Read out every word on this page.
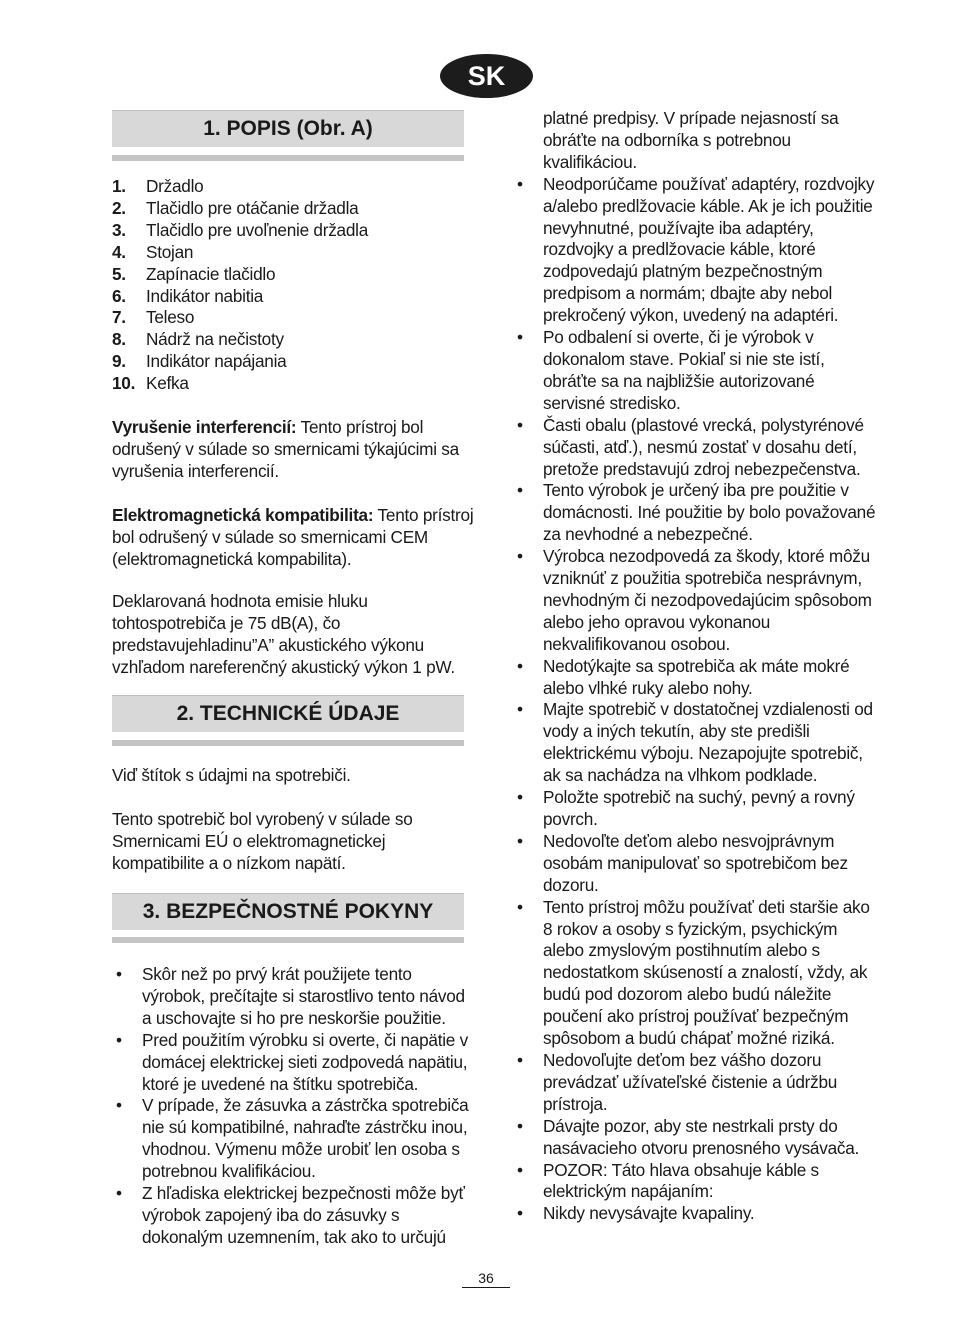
SK
1. POPIS (Obr. A)
1.	Držadlo
2.	Tlačidlo pre otáčanie držadla
3.	Tlačidlo pre uvoľnenie držadla
4.	Stojan
5.	Zapínacie tlačidlo
6.	Indikátor nabitia
7.	Teleso
8.	Nádrž na nečistoty
9.	Indikátor napájania
10. Kefka

Vyrušenie interferencií: Tento prístroj bol odrušený v súlade so smernicami týkajúcimi sa vyrušenia interferencií.

Elektromagnetická kompatibilita: Tento prístroj bol odrušený v súlade so smernicami CEM (elektromagnetická kompabilita).

Deklarovaná hodnota emisie hluku tohtospotrebiča je 75 dB(A), čo predstavujehladinu”A” akustického výkonu vzhľadom nareferenčný akustický výkon 1 pW.

2. TECHNICKÉ ÚDAJE

Viď štítok s údajmi na spotrebiči.

Tento spotrebič bol vyrobený v súlade so Smernicami EÚ o elektromagnetickej kompatibilite a o nízkom napätí.

3. BEZPEČNOSTNÉ POKYNY
• Skôr než po prvý krát použijete tento výrobok, prečítajte si starostlivo tento návod a uschovajte si ho pre neskoršie použitie.
• Pred použitím výrobku si overte, či napätie v domácej elektrickej sieti zodpovedá napätiu, ktoré je uvedené na štítku spotrebiča.
• V prípade, že zásuvka a zástrčka spotrebiča nie sú kompatibilné, nahraďte zástrčku inou, vhodnou. Výmenu môže urobiť len osoba s potrebnou kvalifikáciou.
• Z hľadiska elektrickej bezpečnosti môže byť výrobok zapojený iba do zásuvky s dokonalým uzemnením, tak ako to určujú

platné predpisy. V prípade nejasností sa obráťte na odborníka s potrebnou kvalifikáciou.

• Neodporúčame používať adaptéry, rozdvojky a/alebo predlžovacie káble. Ak je ich použitie nevyhnutné, používajte iba adaptéry, rozdvojky a predlžovacie káble, ktoré zodpovedajú platným bezpečnostným predpisom a normám; dbajte aby nebol prekročený výkon, uvedený na adaptéri.
• Po odbalení si overte, či je výrobok v dokonalom stave. Pokiaľ si nie ste istí, obráťte sa na najbližšie autorizované servisné stredisko.
• Časti obalu (plastové vrecká, polystyrénové súčasti, atď.), nesmú zostať v dosahu detí, pretože predstavujú zdroj nebezpečenstva.
• Tento výrobok je určený iba pre použitie v domácnosti. Iné použitie by bolo považované za nevhodné a nebezpečné.
• Výrobca nezodpovedá za škody, ktoré môžu vzniknúť z použitia spotrebiča nesprávnym, nevhodným či nezodpovedajúcim spôsobom alebo jeho opravou vykonanou nekvalifikovanou osobou.
• Nedotýkajte sa spotrebiča ak máte mokré alebo vlhké ruky alebo nohy.
• Majte spotrebič v dostatočnej vzdialenosti od vody a iných tekutín, aby ste predišli elektrickému výboju. Nezapojujte spotrebič, ak sa nachádza na vlhkom podklade.
• Položte spotrebič na suchý, pevný a rovný povrch.
• Nedovoľte deťom alebo nesvojprávnym osobám manipulovať so spotrebičom bez dozoru.
• Tento prístroj môžu používať deti staršie ako 8 rokov a osoby s fyzickým, psychickým alebo zmyslovým postihnutím alebo s nedostatkom skúseností a znalostí, vždy, ak budú pod dozorom alebo budú náležite poučení ako prístroj používať bezpečným spôsobom a budú chápať možné riziká.
• Nedovoľujte deťom bez vášho dozoru prevádzať užívateľské čistenie a údržbu prístroja.
• Dávajte pozor, aby ste nestrkali prsty do nasávacieho otvoru prenosného vysávača.
• POZOR: Táto hlava obsahuje káble s elektrickým napájaním:
• Nikdy nevysávajte kvapaliny.
36
